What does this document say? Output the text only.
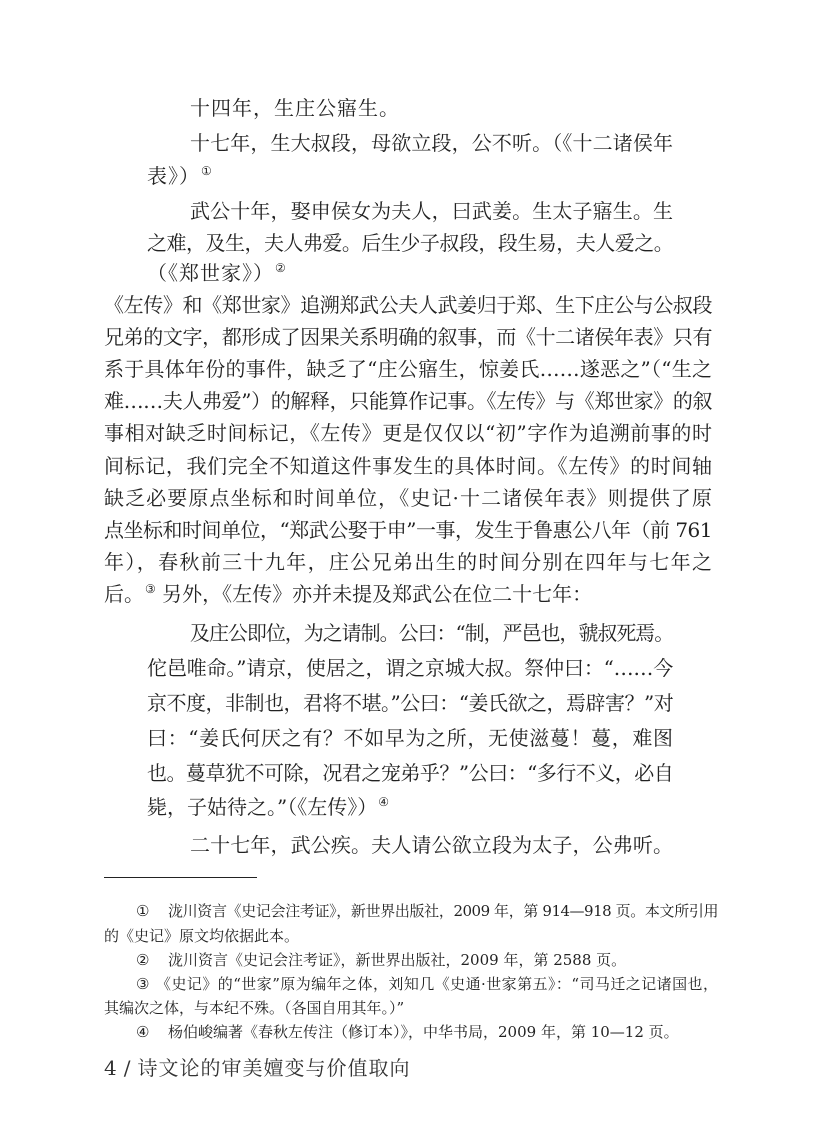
十四年，生庄公寤生。
十七年，生大叔段，母欲立段，公不听。（《十二诸侯年
表》）①
武公十年，娶申侯女为夫人，曰武姜。生太子寤生。生
之难，及生，夫人弗爱。后生少子叔段，段生易，夫人爱之。
（《郑世家》）②
《左传》和《郑世家》追溯郑武公夫人武姜归于郑、生下庄公与公叔段
兄弟的文字，都形成了因果关系明确的叙事，而《十二诸侯年表》只有
系于具体年份的事件，缺乏了“庄公寤生，惊姜氏……遂恶之”（“生之
难……夫人弗爱”）的解释，只能算作记事。《左传》与《郑世家》的叙
事相对缺乏时间标记，《左传》更是仅仅以“初”字作为追溯前事的时
间标记，我们完全不知道这件事发生的具体时间。《左传》的时间轴
缺乏必要原点坐标和时间单位，《史记·十二诸侯年表》则提供了原
点坐标和时间单位，“郑武公娶于申”一事，发生于鲁惠公八年（前 761
年），春秋前三十九年，庄公兄弟出生的时间分别在四年与七年之
后。③ 另外，《左传》亦并未提及郑武公在位二十七年：
及庄公即位，为之请制。公曰：“制，严邑也，虢叔死焉。
佗邑唯命。”请京，使居之，谓之京城大叔。祭仲曰：“……今
京不度，非制也，君将不堪。”公曰：“姜氏欲之，焉辟害？”对
曰：“姜氏何厌之有？不如早为之所，无使滋蔓！蔓，难图
也。蔓草犹不可除，况君之宠弟乎？”公曰：“多行不义，必自
毙，子姑待之。”（《左传》）④
二十七年，武公疾。夫人请公欲立段为太子，公弗听。
① 泷川资言《史记会注考证》，新世界出版社，2009 年，第 914—918 页。本文所引用
的《史记》原文均依据此本。
② 泷川资言《史记会注考证》，新世界出版社，2009 年，第 2588 页。
③ 《史记》的“世家”原为编年之体，刘知几《史通·世家第五》：“司马迁之记诸国也，
其编次之体，与本纪不殊。（各国自用其年。）”
④ 杨伯峻编著《春秋左传注（修订本）》，中华书局，2009 年，第 10—12 页。
4 / 诗文论的审美嬗变与价值取向
